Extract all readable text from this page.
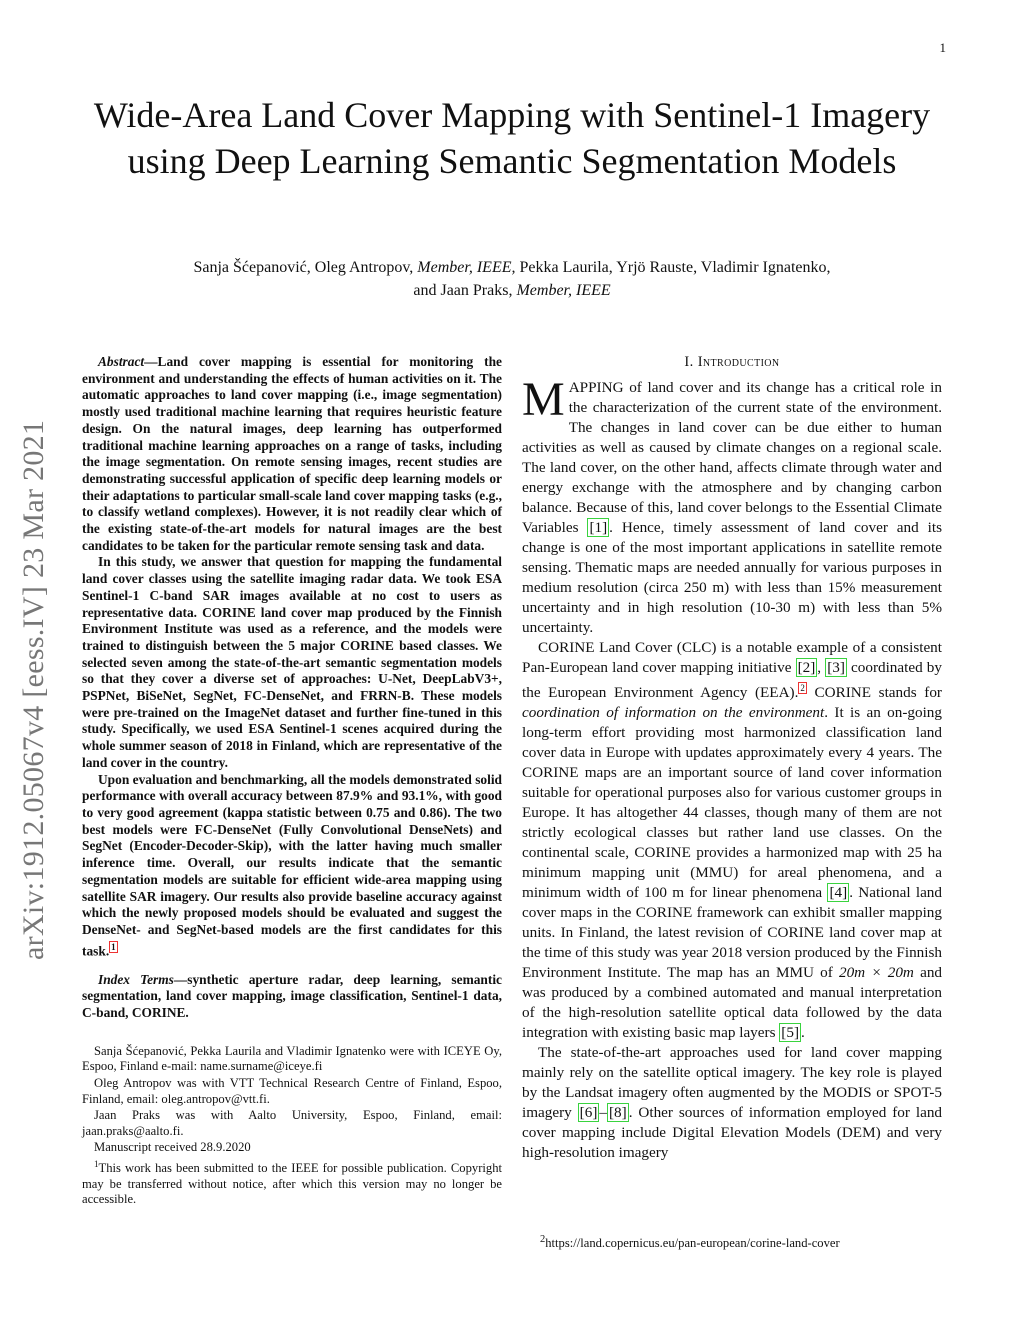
1
Wide-Area Land Cover Mapping with Sentinel-1 Imagery using Deep Learning Semantic Segmentation Models
Sanja Šćepanović, Oleg Antropov, Member, IEEE, Pekka Laurila, Yrjö Rauste, Vladimir Ignatenko,
and Jaan Praks, Member, IEEE
arXiv:1912.05067v4 [eess.IV] 23 Mar 2021

Abstract—Land cover mapping is essential for monitoring the environment and understanding the effects of human activities on it. The automatic approaches to land cover mapping (i.e., image segmentation) mostly used traditional machine learning that requires heuristic feature design. On the natural images, deep learning has outperformed traditional machine learning approaches on a range of tasks, including the image segmentation. On remote sensing images, recent studies are demonstrating successful application of specific deep learning models or their adaptations to particular small-scale land cover mapping tasks (e.g., to classify wetland complexes). However, it is not readily clear which of the existing state-of-the-art models for natural images are the best candidates to be taken for the particular remote sensing task and data.

In this study, we answer that question for mapping the fundamental land cover classes using the satellite imaging radar data. We took ESA Sentinel-1 C-band SAR images available at no cost to users as representative data. CORINE land cover map produced by the Finnish Environment Institute was used as a reference, and the models were trained to distinguish between the 5 major CORINE based classes. We selected seven among the state-of-the-art semantic segmentation models so that they cover a diverse set of approaches: U-Net, DeepLabV3+, PSPNet, BiSeNet, SegNet, FC-DenseNet, and FRRN-B. These models were pre-trained on the ImageNet dataset and further fine-tuned in this study. Specifically, we used ESA Sentinel-1 scenes acquired during the whole summer season of 2018 in Finland, which are representative of the land cover in the country.

Upon evaluation and benchmarking, all the models demonstrated solid performance with overall accuracy between 87.9% and 93.1%, with good to very good agreement (kappa statistic between 0.75 and 0.86). The two best models were FC-DenseNet (Fully Convolutional DenseNets) and SegNet (Encoder-Decoder-Skip), with the latter having much smaller inference time. Overall, our results indicate that the semantic segmentation models are suitable for efficient wide-area mapping using satellite SAR imagery. Our results also provide baseline accuracy against which the newly proposed models should be evaluated and suggest the DenseNet- and SegNet-based models are the first candidates for this task. $^1$

Index Terms—synthetic aperture radar, deep learning, semantic segmentation, land cover mapping, image classification, Sentinel-1 data, C-band, CORINE.

Sanja Šćepanović, Pekka Laurila and Vladimir Ignatenko were with ICEYE Oy, Espoo, Finland e-mail: name.surname@iceye.fi

Oleg Antropov was with VTT Technical Research Centre of Finland, Espoo, Finland, email: oleg.antropov@vtt.fi.

Jaan Praks was with Aalto University, Espoo, Finland, email: jaan.praks@aalto.fi.

Manuscript received 28.9.2020

$^1$This work has been submitted to the IEEE for possible publication. Copyright may be transferred without notice, after which this version may no longer be accessible.

I. Introduction

MAPPING of land cover and its change has a critical role in the characterization of the current state of the environment. The changes in land cover can be due either to human activities as well as caused by climate changes on a regional scale. The land cover, on the other hand, affects climate through water and energy exchange with the atmosphere and by changing carbon balance. Because of this, land cover belongs to the Essential Climate Variables [1] . Hence, timely assessment of land cover and its change is one of the most important applications in satellite remote sensing. Thematic maps are needed annually for various purposes in medium resolution (circa 250 m) with less than 15% measurement uncertainty and in high resolution (10-30 m) with less than 5% uncertainty.

CORINE Land Cover (CLC) is a notable example of a consistent Pan-European land cover mapping initiative [2] , [3] coordinated by the European Environment Agency (EEA). $^2$ CORINE stands for coordination of information on the environment. It is an on-going long-term effort providing most harmonized classification land cover data in Europe with updates approximately every 4 years. The CORINE maps are an important source of land cover information suitable for operational purposes also for various customer groups in Europe. It has altogether 44 classes, though many of them are not strictly ecological classes but rather land use classes. On the continental scale, CORINE provides a harmonized map with 25 ha minimum mapping unit (MMU) for areal phenomena, and a minimum width of 100 m for linear phenomena [4] . National land cover maps in the CORINE framework can exhibit smaller mapping units. In Finland, the latest revision of CORINE land cover map at the time of this study was year 2018 version produced by the Finnish Environment Institute. The map has an MMU of 20m × 20m and was produced by a combined automated and manual interpretation of the high-resolution satellite optical data followed by the data integration with existing basic map layers [5] .

The state-of-the-art approaches used for land cover mapping mainly rely on the satellite optical imagery. The key role is played by the Landsat imagery often augmented by the MODIS or SPOT-5 imagery [6] – [8] . Other sources of information employed for land cover mapping include Digital Elevation Models (DEM) and very high-resolution imagery

$^2$https://land.copernicus.eu/pan-european/corine-land-cover
